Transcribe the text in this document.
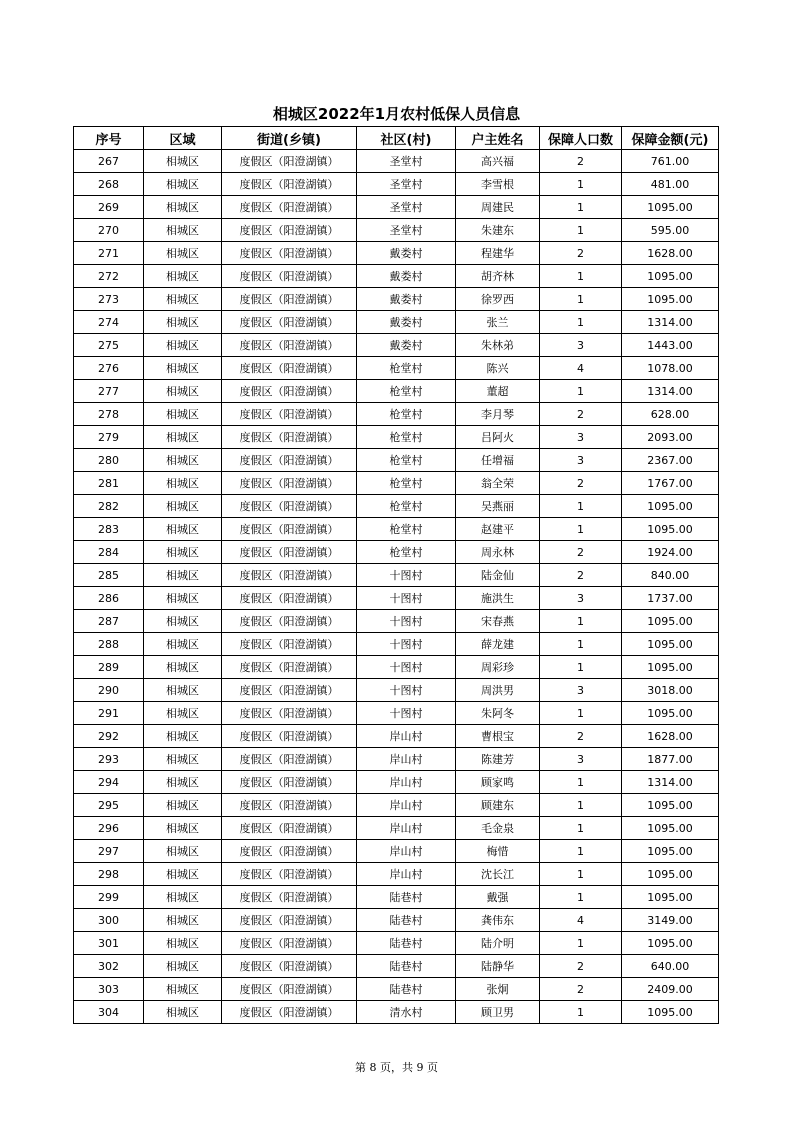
相城区2022年1月农村低保人员信息
序号	区域	街道(乡镇)	社区(村)	户主姓名	保障人口数	保障金额(元)
267	相城区	度假区（阳澄湖镇）	圣堂村	高兴福	2	761.00
268	相城区	度假区（阳澄湖镇）	圣堂村	李雪根	1	481.00
269	相城区	度假区（阳澄湖镇）	圣堂村	周建民	1	1095.00
270	相城区	度假区（阳澄湖镇）	圣堂村	朱建东	1	595.00
271	相城区	度假区（阳澄湖镇）	戴娄村	程建华	2	1628.00
272	相城区	度假区（阳澄湖镇）	戴娄村	胡齐林	1	1095.00
273	相城区	度假区（阳澄湖镇）	戴娄村	徐罗西	1	1095.00
274	相城区	度假区（阳澄湖镇）	戴娄村	张兰	1	1314.00
275	相城区	度假区（阳澄湖镇）	戴娄村	朱林弟	3	1443.00
276	相城区	度假区（阳澄湖镇）	枪堂村	陈兴	4	1078.00
277	相城区	度假区（阳澄湖镇）	枪堂村	董超	1	1314.00
278	相城区	度假区（阳澄湖镇）	枪堂村	李月琴	2	628.00
279	相城区	度假区（阳澄湖镇）	枪堂村	吕阿火	3	2093.00
280	相城区	度假区（阳澄湖镇）	枪堂村	任增福	3	2367.00
281	相城区	度假区（阳澄湖镇）	枪堂村	翁全荣	2	1767.00
282	相城区	度假区（阳澄湖镇）	枪堂村	吴燕丽	1	1095.00
283	相城区	度假区（阳澄湖镇）	枪堂村	赵建平	1	1095.00
284	相城区	度假区（阳澄湖镇）	枪堂村	周永林	2	1924.00
285	相城区	度假区（阳澄湖镇）	十图村	陆金仙	2	840.00
286	相城区	度假区（阳澄湖镇）	十图村	施洪生	3	1737.00
287	相城区	度假区（阳澄湖镇）	十图村	宋春燕	1	1095.00
288	相城区	度假区（阳澄湖镇）	十图村	薛龙建	1	1095.00
289	相城区	度假区（阳澄湖镇）	十图村	周彩珍	1	1095.00
290	相城区	度假区（阳澄湖镇）	十图村	周洪男	3	3018.00
291	相城区	度假区（阳澄湖镇）	十图村	朱阿冬	1	1095.00
292	相城区	度假区（阳澄湖镇）	岸山村	曹根宝	2	1628.00
293	相城区	度假区（阳澄湖镇）	岸山村	陈建芳	3	1877.00
294	相城区	度假区（阳澄湖镇）	岸山村	顾家鸣	1	1314.00
295	相城区	度假区（阳澄湖镇）	岸山村	顾建东	1	1095.00
296	相城区	度假区（阳澄湖镇）	岸山村	毛金泉	1	1095.00
297	相城区	度假区（阳澄湖镇）	岸山村	梅惜	1	1095.00
298	相城区	度假区（阳澄湖镇）	岸山村	沈长江	1	1095.00
299	相城区	度假区（阳澄湖镇）	陆巷村	戴强	1	1095.00
300	相城区	度假区（阳澄湖镇）	陆巷村	龚伟东	4	3149.00
301	相城区	度假区（阳澄湖镇）	陆巷村	陆介明	1	1095.00
302	相城区	度假区（阳澄湖镇）	陆巷村	陆静华	2	640.00
303	相城区	度假区（阳澄湖镇）	陆巷村	张炯	2	2409.00
304	相城区	度假区（阳澄湖镇）	清水村	顾卫男	1	1095.00
第 8 页，共 9 页
